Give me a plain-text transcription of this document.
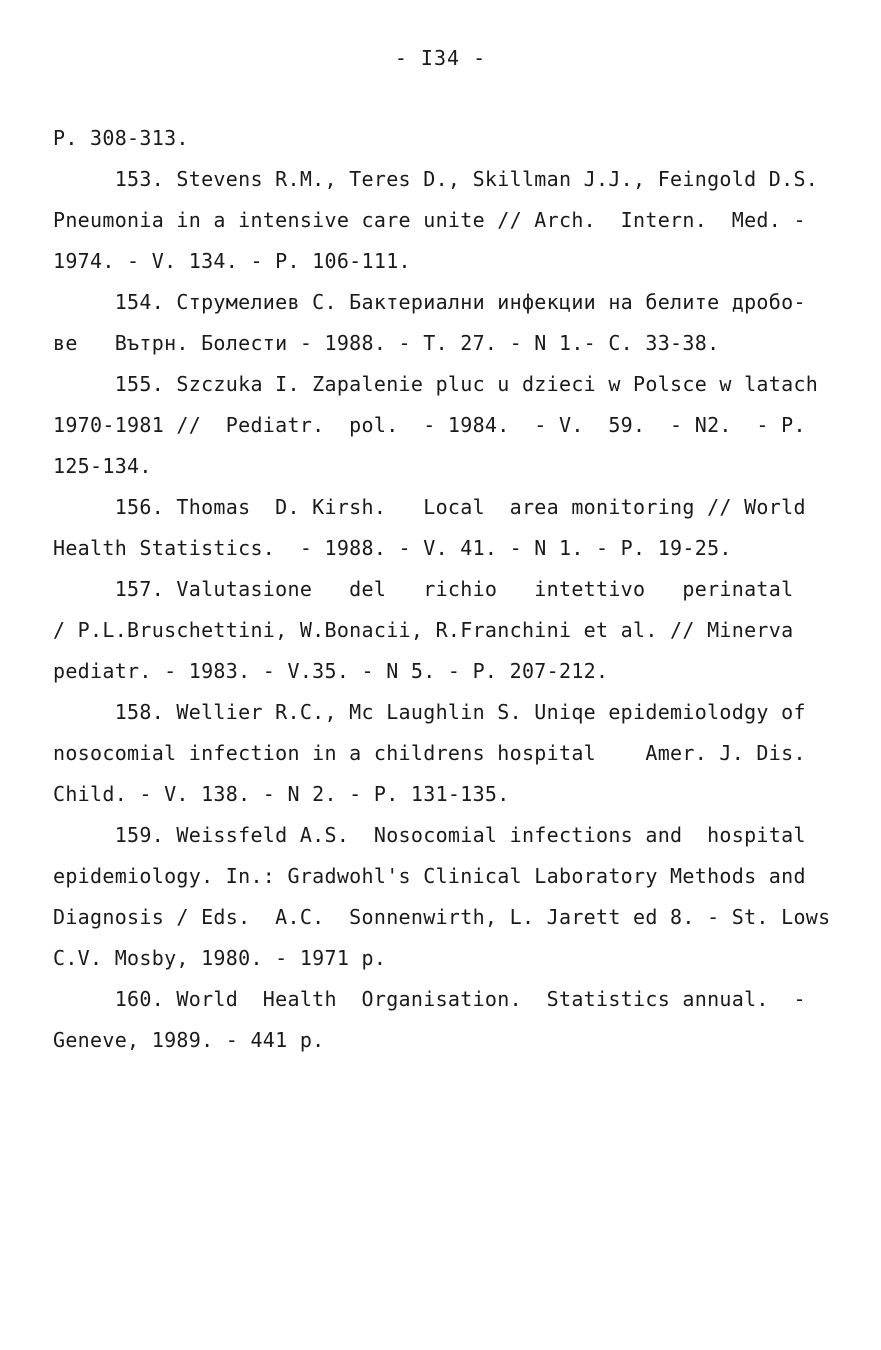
- I34 -
P. 308-313.
153. Stevens R.M., Teres D., Skillman J.J., Feingold D.S.
Pneumonia in a intensive care unite // Arch.  Intern.  Med. -
1974. - V. 134. - P. 106-111.
154. Струмелиев С. Бактериални инфекции на белите дробо-
ве   Вътрн. Болести - 1988. - Т. 27. - N 1.- С. 33-38.
155. Szczuka I. Zapalenie pluc u dzieci w Polsce w latach
1970-1981 //  Pediatr.  pol.  - 1984.  - V.  59.  - N2.  - P.
125-134.
156. Thomas  D. Kirsh.   Local  area monitoring // World
Health Statistics.  - 1988. - V. 41. - N 1. - P. 19-25.
157. Valutasione   del   richio   intettivo   perinatal
/ P.L.Bruschettini, W.Bonacii, R.Franchini et al. // Minerva
pediatr. - 1983. - V.35. - N 5. - P. 207-212.
158. Wellier R.C., Mc Laughlin S. Uniqe epidemiolodgy of
nosocomial infection in a childrens hospital    Amer. J. Dis.
Child. - V. 138. - N 2. - P. 131-135.
159. Weissfeld A.S.  Nosocomial infections and  hospital
epidemiology. In.: Gradwohl's Clinical Laboratory Methods and
Diagnosis / Eds.  A.C.  Sonnenwirth, L. Jarett ed 8. - St. Lows
C.V. Mosby, 1980. - 1971 p.
160. World  Health  Organisation.  Statistics annual.  -
Geneve, 1989. - 441 p.
